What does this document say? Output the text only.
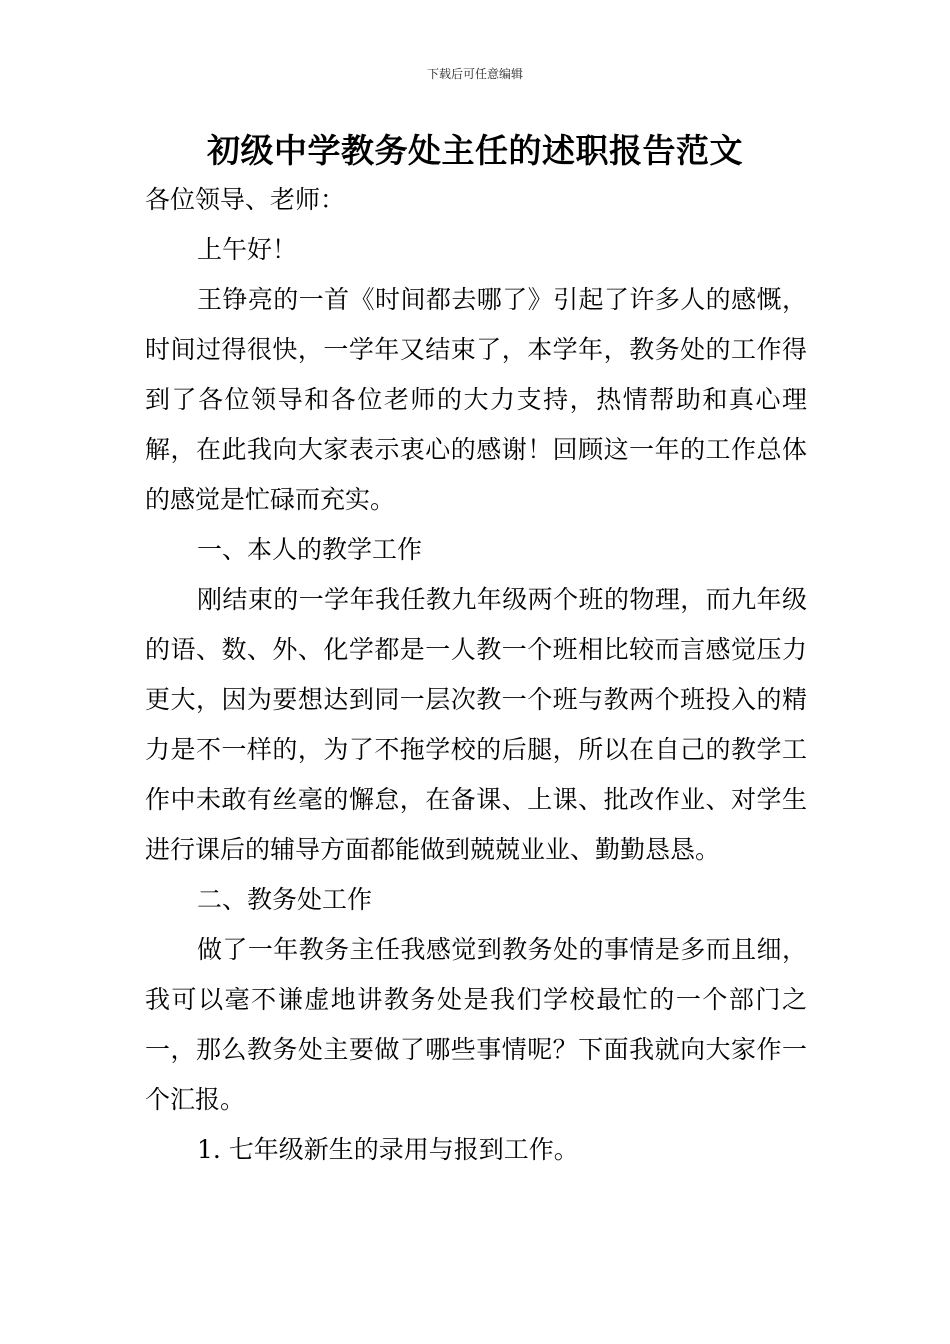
下载后可任意编辑
初级中学教务处主任的述职报告范文

各位领导、老师：

上午好！

王铮亮的一首《时间都去哪了》引起了许多人的感慨，时间过得很快，一学年又结束了，本学年，教务处的工作得到了各位领导和各位老师的大力支持，热情帮助和真心理解，在此我向大家表示衷心的感谢！回顾这一年的工作总体的感觉是忙碌而充实。

一、本人的教学工作

刚结束的一学年我任教九年级两个班的物理，而九年级的语、数、外、化学都是一人教一个班相比较而言感觉压力更大，因为要想达到同一层次教一个班与教两个班投入的精力是不一样的，为了不拖学校的后腿，所以在自己的教学工作中未敢有丝毫的懈怠，在备课、上课、批改作业、对学生进行课后的辅导方面都能做到兢兢业业、勤勤恳恳。

二、教务处工作

做了一年教务主任我感觉到教务处的事情是多而且细，我可以毫不谦虚地讲教务处是我们学校最忙的一个部门之一，那么教务处主要做了哪些事情呢？下面我就向大家作一个汇报。

1. 七年级新生的录用与报到工作。
